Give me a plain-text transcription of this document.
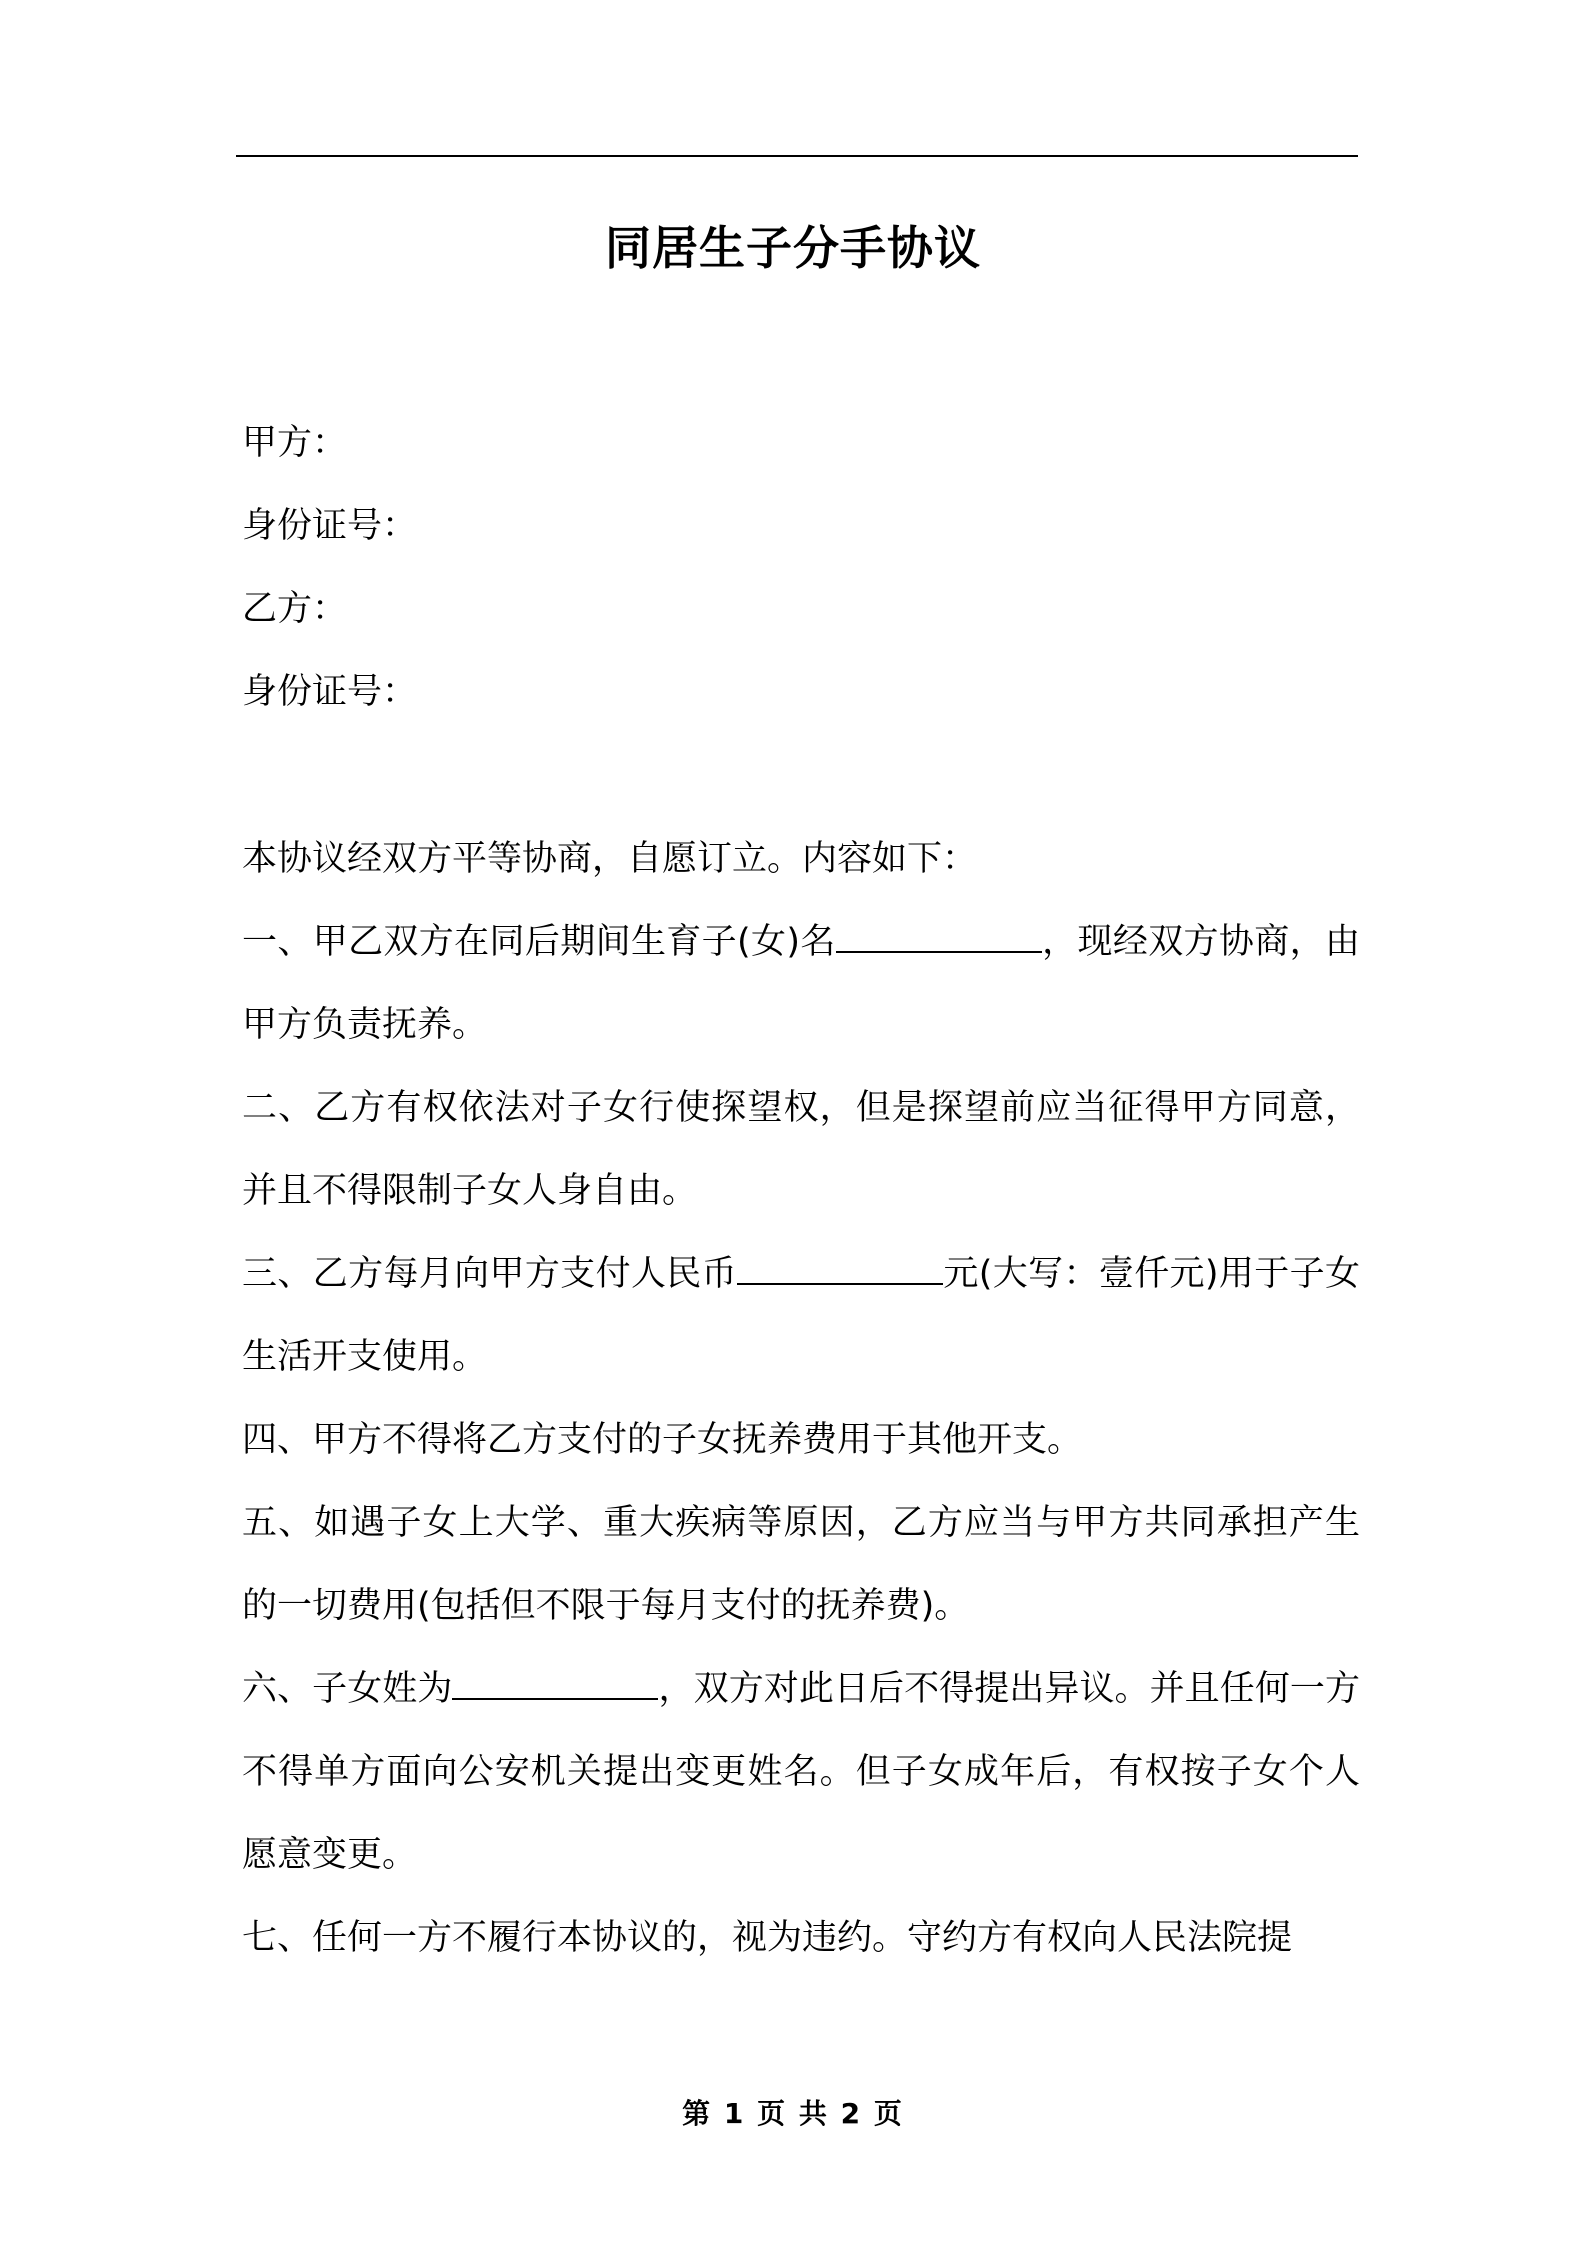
同居生子分手协议
甲方：
身份证号：
乙方：
身份证号：

本协议经双方平等协商，自愿订立。内容如下：

一、甲乙双方在同后期间生育子(女)名	，现经双方协商，由甲方负责抚养。

二、乙方有权依法对子女行使探望权，但是探望前应当征得甲方同意，并且不得限制子女人身自由。

三、乙方每月向甲方支付人民币	元(大写：壹仟元)用于子女生活开支使用。

四、甲方不得将乙方支付的子女抚养费用于其他开支。

五、如遇子女上大学、重大疾病等原因，乙方应当与甲方共同承担产生的一切费用(包括但不限于每月支付的抚养费)。

六、子女姓为	，双方对此日后不得提出异议。并且任何一方不得单方面向公安机关提出变更姓名。但子女成年后，有权按子女个人愿意变更。

七、任何一方不履行本协议的，视为违约。守约方有权向人民法院提

第 1 页 共 2 页
